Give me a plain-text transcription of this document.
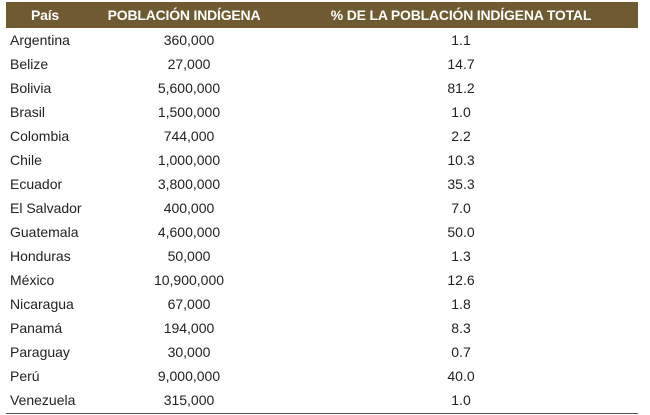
País	POBLACIÓN INDÍGENA	% DE LA POBLACIÓN INDÍGENA TOTAL
Argentina	360,000	1.1
Belize	27,000	14.7
Bolivia	5,600,000	81.2
Brasil	1,500,000	1.0
Colombia	744,000	2.2
Chile	1,000,000	10.3
Ecuador	3,800,000	35.3
El Salvador	400,000	7.0
Guatemala	4,600,000	50.0
Honduras	50,000	1.3
México	10,900,000	12.6
Nicaragua	67,000	1.8
Panamá	194,000	8.3
Paraguay	30,000	0.7
Perú	9,000,000	40.0
Venezuela	315,000	1.0
